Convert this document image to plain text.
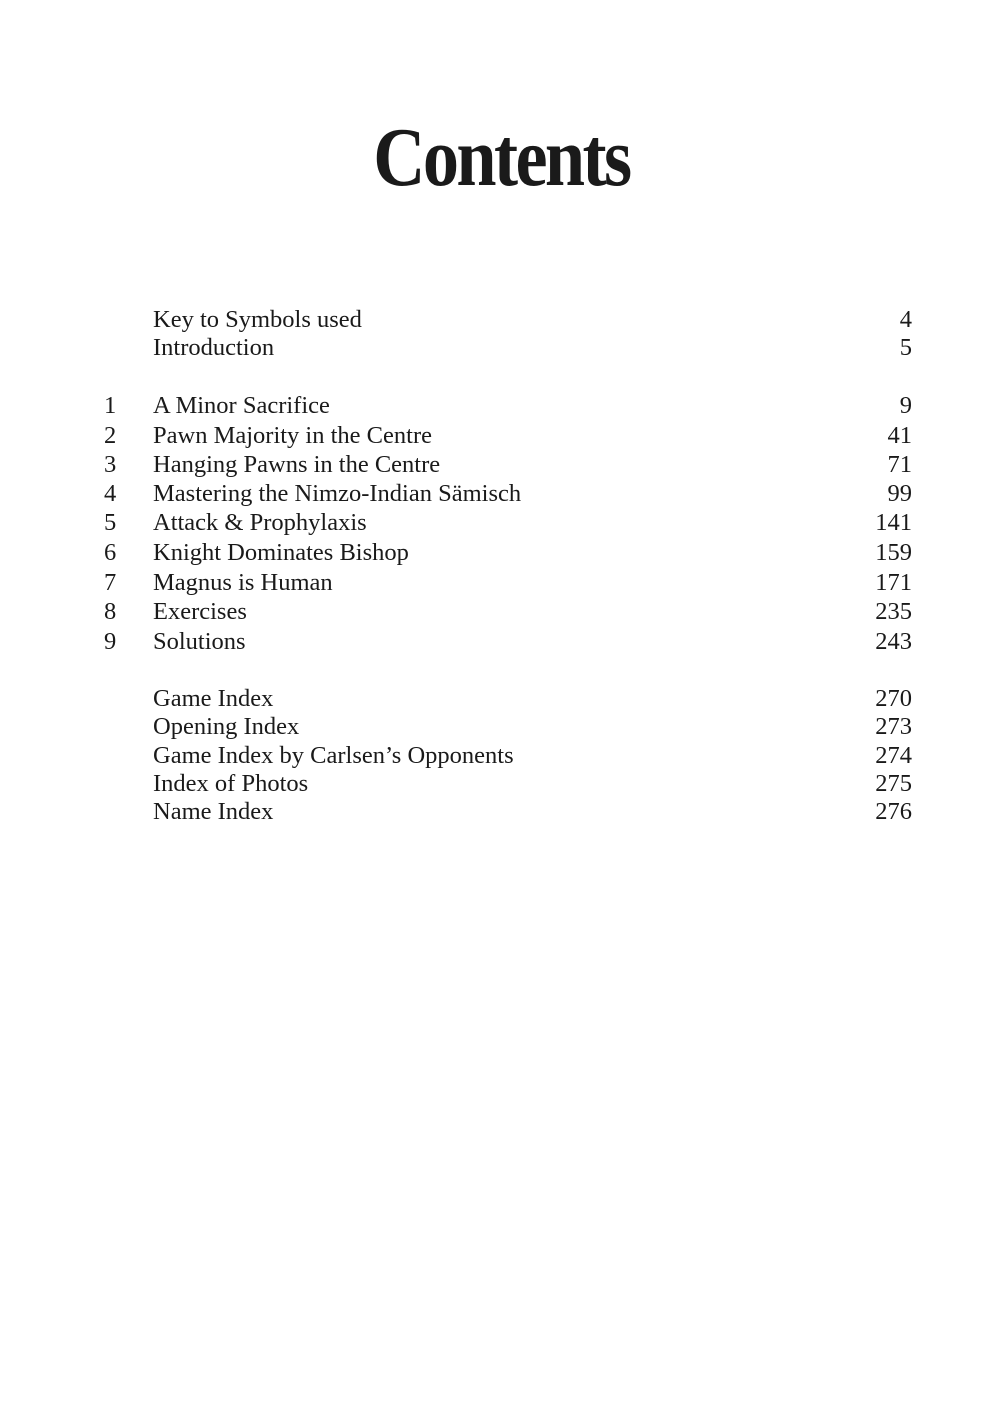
Contents
Key to Symbols used	4
Introduction	5
1	A Minor Sacrifice	9
2	Pawn Majority in the Centre	41
3	Hanging Pawns in the Centre	71
4	Mastering the Nimzo-Indian Sämisch	99
5	Attack & Prophylaxis	141
6	Knight Dominates Bishop	159
7	Magnus is Human	171
8	Exercises	235
9	Solutions	243
Game Index	270
Opening Index	273
Game Index by Carlsen’s Opponents	274
Index of Photos	275
Name Index	276
